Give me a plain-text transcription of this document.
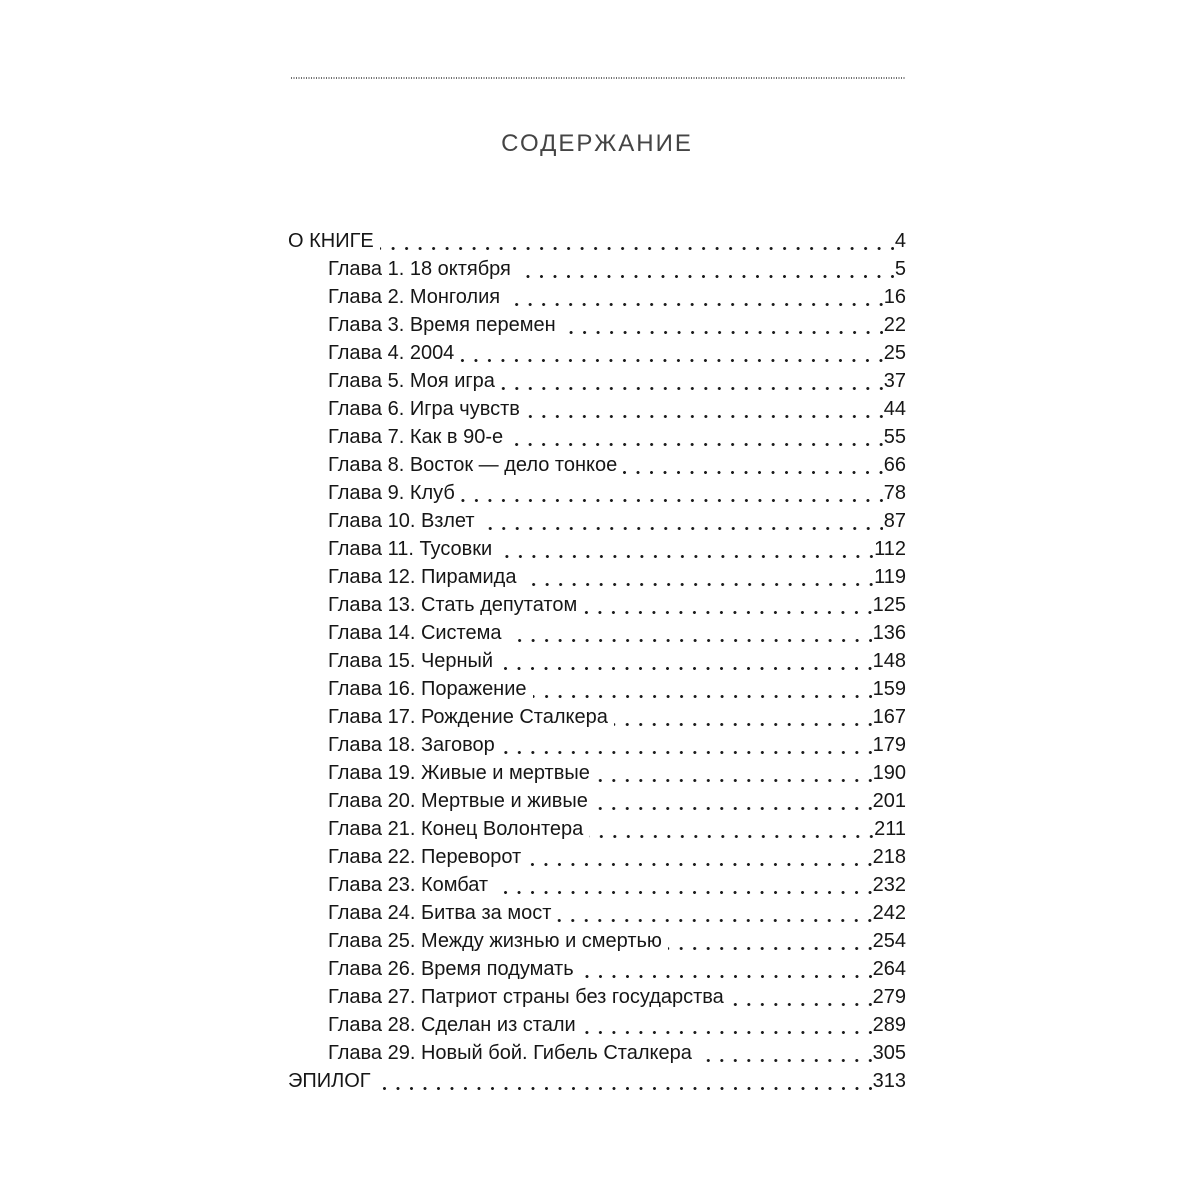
СОДЕРЖАНИЕ
О КНИГЕ	4
Глава 1. 18 октября	5
Глава 2. Монголия	16
Глава 3. Время перемен	22
Глава 4. 2004	25
Глава 5. Моя игра	37
Глава 6. Игра чувств	44
Глава 7. Как в 90-е	55
Глава 8. Восток — дело тонкое	66
Глава 9. Клуб	78
Глава 10. Взлет	87
Глава 11. Тусовки	112
Глава 12. Пирамида	119
Глава 13. Стать депутатом	125
Глава 14. Система	136
Глава 15. Черный	148
Глава 16. Поражение	159
Глава 17. Рождение Сталкера	167
Глава 18. Заговор	179
Глава 19. Живые и мертвые	190
Глава 20. Мертвые и живые	201
Глава 21. Конец Волонтера	211
Глава 22. Переворот	218
Глава 23. Комбат	232
Глава 24. Битва за мост	242
Глава 25. Между жизнью и смертью	254
Глава 26. Время подумать	264
Глава 27. Патриот страны без государства	279
Глава 28. Сделан из стали	289
Глава 29. Новый бой. Гибель Сталкера	305
ЭПИЛОГ	313
